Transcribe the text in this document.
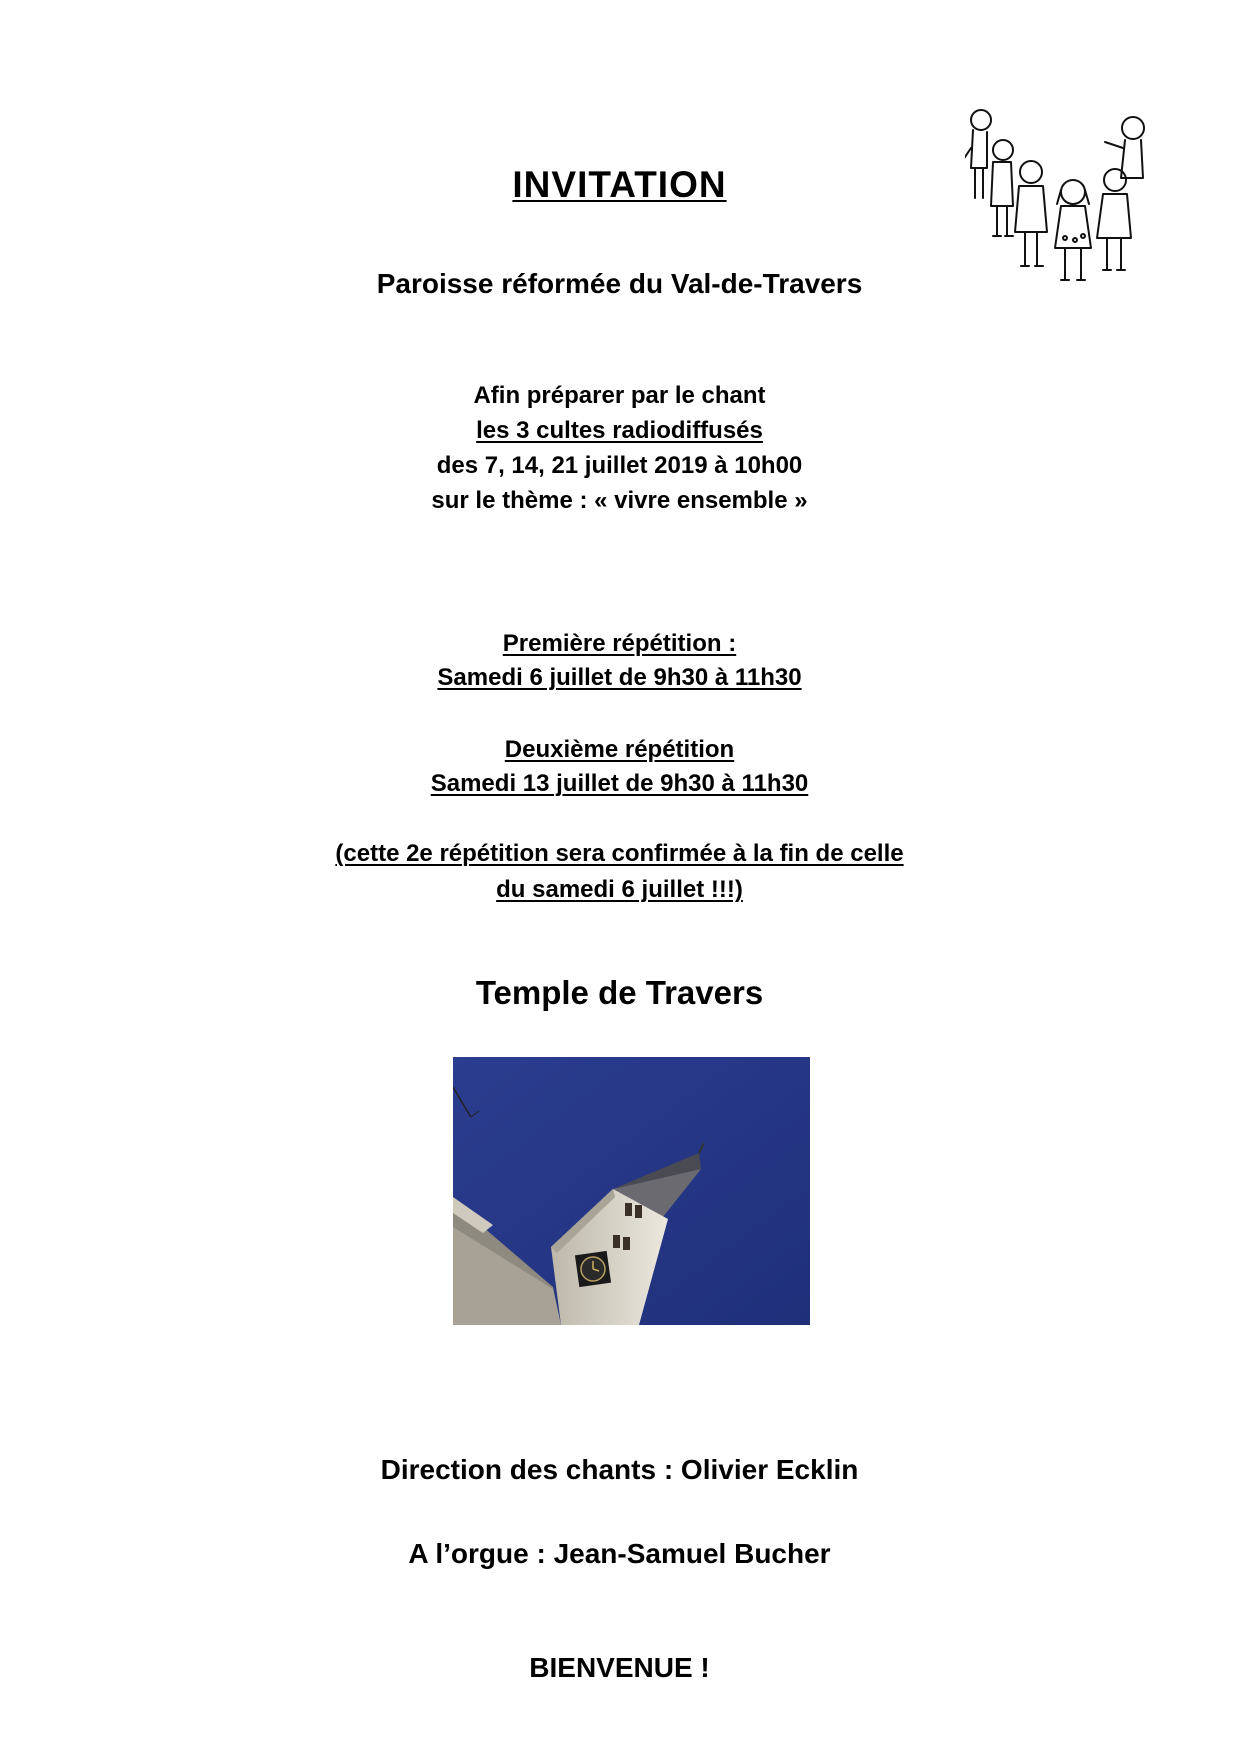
INVITATION
Paroisse réformée du Val-de-Travers
Afin préparer par le chant
les 3 cultes radiodiffusés
des 7, 14, 21 juillet 2019 à 10h00
sur le thème : « vivre ensemble »
Première répétition :
Samedi 6 juillet de 9h30 à 11h30
Deuxième répétition
Samedi 13 juillet de 9h30 à 11h30
(cette 2e répétition sera confirmée à la fin de celle
du samedi 6 juillet !!!)
Temple de Travers
Direction des chants : Olivier Ecklin
A l’orgue : Jean-Samuel Bucher
BIENVENUE !
